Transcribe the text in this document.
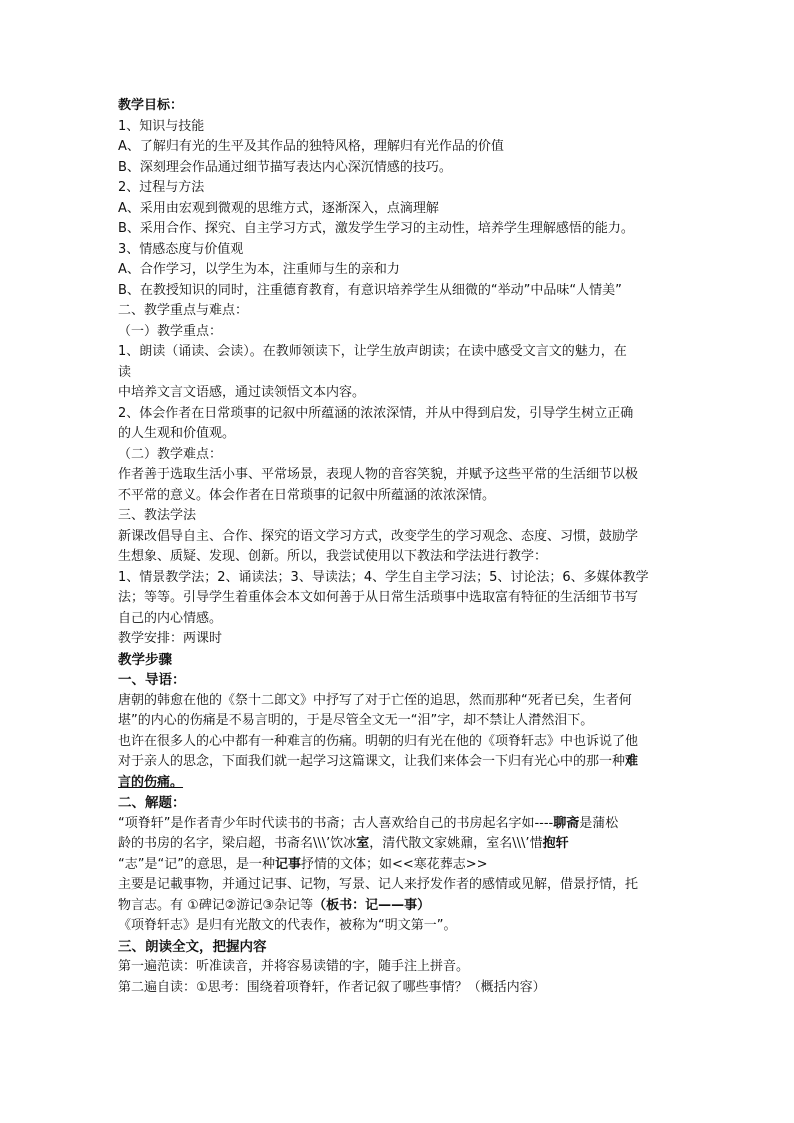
教学目标：
1、知识与技能
A、了解归有光的生平及其作品的独特风格，理解归有光作品的价值
B、深刻理会作品通过细节描写表达内心深沉情感的技巧。
2、过程与方法
A、采用由宏观到微观的思维方式，逐渐深入，点滴理解
B、采用合作、探究、自主学习方式，激发学生学习的主动性，培养学生理解感悟的能力。
3、情感态度与价值观
A、合作学习，以学生为本，注重师与生的亲和力
B、在教授知识的同时，注重德育教育，有意识培养学生从细微的“举动”中品味“人情美”
二、教学重点与难点：
（一）教学重点：
1、朗读（诵读、会读）。在教师领读下，让学生放声朗读；在读中感受文言文的魅力，在
读
中培养文言文语感，通过读领悟文本内容。
2、体会作者在日常琐事的记叙中所蕴涵的浓浓深情，并从中得到启发，引导学生树立正确
的人生观和价值观。
（二）教学难点：
作者善于选取生活小事、平常场景，表现人物的音容笑貌，并赋予这些平常的生活细节以极
不平常的意义。体会作者在日常琐事的记叙中所蕴涵的浓浓深情。
三、教法学法
新课改倡导自主、合作、探究的语文学习方式，改变学生的学习观念、态度、习惯，鼓励学
生想象、质疑、发现、创新。所以，我尝试使用以下教法和学法进行教学：
1、情景教学法；2、诵读法；3、导读法；4、学生自主学习法；5、讨论法；6、多媒体教学
法；等等。引导学生着重体会本文如何善于从日常生活琐事中选取富有特征的生活细节书写
自己的内心情感。
教学安排：两课时
教学步骤
一、导语：
唐朝的韩愈在他的《祭十二郎文》中抒写了对于亡侄的追思，然而那种“死者已矣，生者何
堪”的内心的伤痛是不易言明的，于是尽管全文无一“泪”字，却不禁让人潸然泪下。
也许在很多人的心中都有一种难言的伤痛。明朝的归有光在他的《项脊轩志》中也诉说了他
对于亲人的思念，下面我们就一起学习这篇课文，让我们来体会一下归有光心中的那一种难
言的伤痛。
二、解题：
“项脊轩”是作者青少年时代读书的书斋；古人喜欢给自己的书房起名字如----聊斋是蒲松
龄的书房的名字，梁启超，书斋名\\\’饮冰室，清代散文家姚鼐，室名\\\’惜抱轩
“志”是“记”的意思，是一种记事抒情的文体；如<<寒花葬志>>
主要是记載事物，并通过记事、记物，写景、记人来抒发作者的感情或见解，借景抒情，托
物言志。有 ①碑记②游记③杂记等（板书：记——事）
《项脊轩志》是归有光散文的代表作，被称为“明文第一”。
三、朗读全文，把握内容
第一遍范读：听准读音，并将容易读错的字，随手注上拼音。
第二遍自读：①思考：围绕着项脊轩，作者记叙了哪些事情？（概括内容）
